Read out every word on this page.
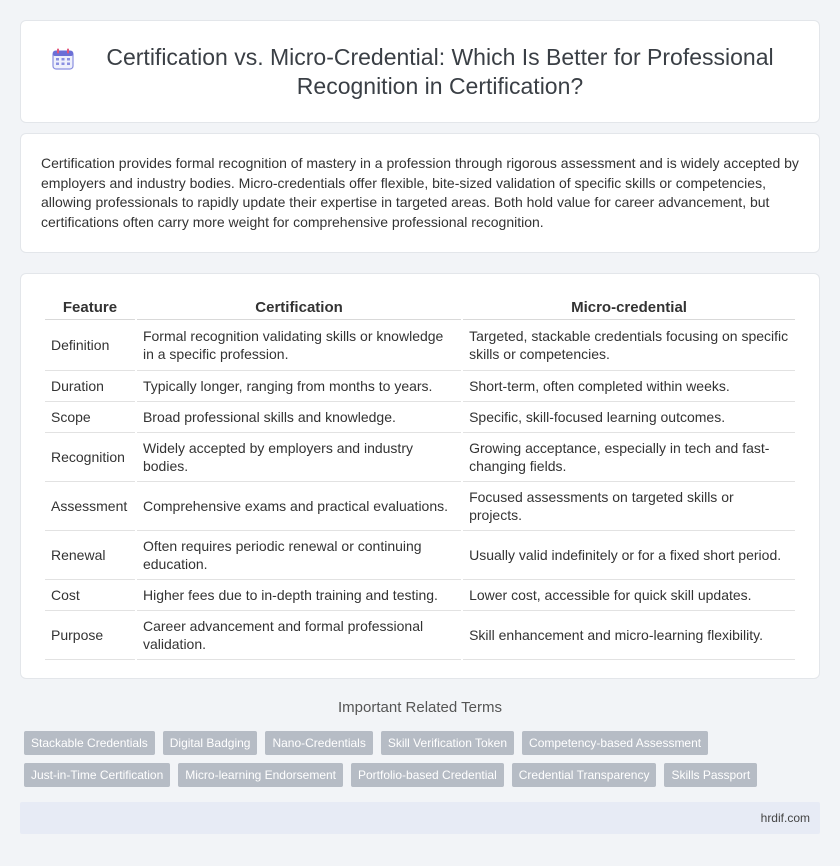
Certification vs. Micro-Credential: Which Is Better for Professional Recognition in Certification?

Certification provides formal recognition of mastery in a profession through rigorous assessment and is widely accepted by employers and industry bodies. Micro-credentials offer flexible, bite-sized validation of specific skills or competencies, allowing professionals to rapidly update their expertise in targeted areas. Both hold value for career advancement, but certifications often carry more weight for comprehensive professional recognition.

Feature	Certification	Micro-credential
Definition	Formal recognition validating skills or knowledge in a specific profession.	Targeted, stackable credentials focusing on specific skills or competencies.
Duration	Typically longer, ranging from months to years.	Short-term, often completed within weeks.
Scope	Broad professional skills and knowledge.	Specific, skill-focused learning outcomes.
Recognition	Widely accepted by employers and industry bodies.	Growing acceptance, especially in tech and fast-changing fields.
Assessment	Comprehensive exams and practical evaluations.	Focused assessments on targeted skills or projects.
Renewal	Often requires periodic renewal or continuing education.	Usually valid indefinitely or for a fixed short period.
Cost	Higher fees due to in-depth training and testing.	Lower cost, accessible for quick skill updates.
Purpose	Career advancement and formal professional validation.	Skill enhancement and micro-learning flexibility.
Important Related Terms
Stackable Credentials	Digital Badging	Nano-Credentials	Skill Verification Token	Competency-based Assessment
Just-in-Time Certification	Micro-learning Endorsement	Portfolio-based Credential	Credential Transparency	Skills Passport
hrdif.com
